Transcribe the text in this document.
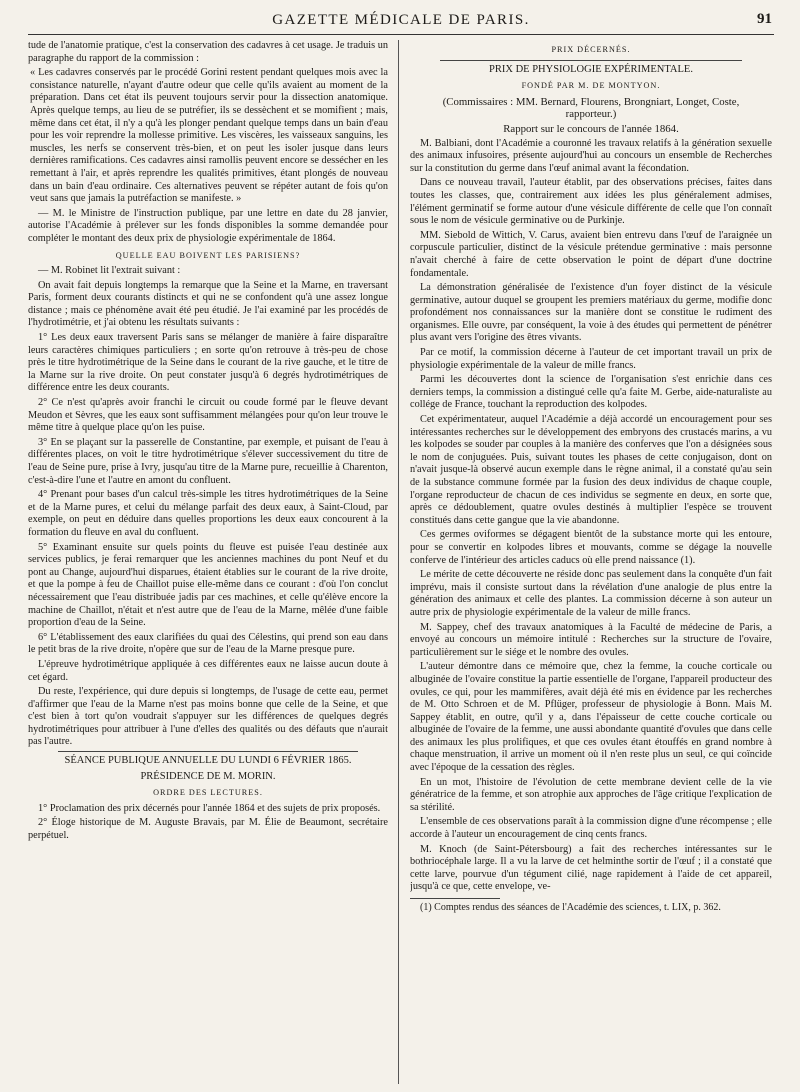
GAZETTE MÉDICALE DE PARIS.	91

tude de l'anatomie pratique, c'est la conservation des cadavres à cet usage. Je traduis un paragraphe du rapport de la commission :

« Les cadavres conservés par le procédé Gorini restent pendant quelques mois avec la consistance naturelle, n'ayant d'autre odeur que celle qu'ils avaient au moment de la préparation. Dans cet état ils peuvent toujours servir pour la dissection anatomique. Après quelque temps, au lieu de se putréfier, ils se dessèchent et se momifient ; mais, même dans cet état, il n'y a qu'à les plonger pendant quelque temps dans un bain d'eau pour les voir reprendre la mollesse primitive. Les viscères, les vaisseaux sanguins, les muscles, les nerfs se conservent très-bien, et on peut les isoler jusque dans leurs dernières ramifications. Ces cadavres ainsi ramollis peuvent encore se dessécher en les remettant à l'air, et après reprendre les qualités primitives, étant plongés de nouveau dans un bain d'eau ordinaire. Ces alternatives peuvent se répéter autant de fois qu'on veut sans que jamais la putréfaction se manifeste. »

— M. le Ministre de l'instruction publique, par une lettre en date du 28 janvier, autorise l'Académie à prélever sur les fonds disponibles la somme demandée pour compléter le montant des deux prix de physiologie expérimentale de 1864.

QUELLE EAU BOIVENT LES PARISIENS?

— M. Robinet lit l'extrait suivant :

On avait fait depuis longtemps la remarque que la Seine et la Marne, en traversant Paris, forment deux courants distincts et qui ne se confondent qu'à une assez longue distance ; mais ce phénomène avait été peu étudié. Je l'ai examiné par les procédés de l'hydrotimétrie, et j'ai obtenu les résultats suivants :

1° Les deux eaux traversent Paris sans se mélanger de manière à faire disparaître leurs caractères chimiques particuliers ; en sorte qu'on retrouve à très-peu de chose près le titre hydrotimétrique de la Seine dans le courant de la rive gauche, et le titre de la Marne sur la rive droite. On peut constater jusqu'à 6 degrés hydrotimétriques de différence entre les deux courants.

2° Ce n'est qu'après avoir franchi le circuit ou coude formé par le fleuve devant Meudon et Sèvres, que les eaux sont suffisamment mélangées pour qu'on leur trouve le même titre à quelque place qu'on les puise.

3° En se plaçant sur la passerelle de Constantine, par exemple, et puisant de l'eau à différentes places, on voit le titre hydrotimétrique s'élever successivement du titre de l'eau de Seine pure, prise à Ivry, jusqu'au titre de la Marne pure, recueillie à Charenton, c'est-à-dire l'une et l'autre en amont du confluent.

4° Prenant pour bases d'un calcul très-simple les titres hydrotimétriques de la Seine et de la Marne pures, et celui du mélange parfait des deux eaux, à Saint-Cloud, par exemple, on peut en déduire dans quelles proportions les deux eaux concourent à la formation du fleuve en aval du confluent.

5° Examinant ensuite sur quels points du fleuve est puisée l'eau destinée aux services publics, je ferai remarquer que les anciennes machines du pont Neuf et du pont au Change, aujourd'hui disparues, étaient établies sur le courant de la rive droite, et que la pompe à feu de Chaillot puise elle-même dans ce courant : d'où l'on conclut nécessairement que l'eau distribuée jadis par ces machines, et celle qu'élève encore la machine de Chaillot, n'était et n'est autre que de l'eau de la Marne, mêlée d'une faible proportion d'eau de la Seine.

6° L'établissement des eaux clarifiées du quai des Célestins, qui prend son eau dans le petit bras de la rive droite, n'opère que sur de l'eau de la Marne presque pure.

L'épreuve hydrotimétrique appliquée à ces différentes eaux ne laisse aucun doute à cet égard.

Du reste, l'expérience, qui dure depuis si longtemps, de l'usage de cette eau, permet d'affirmer que l'eau de la Marne n'est pas moins bonne que celle de la Seine, et que c'est bien à tort qu'on voudrait s'appuyer sur les différences de quelques degrés hydrotimétriques pour attribuer à l'une d'elles des qualités ou des défauts que n'aurait pas l'autre.

SÉANCE PUBLIQUE ANNUELLE DU LUNDI 6 FÉVRIER 1865.

PRÉSIDENCE DE M. MORIN.

ORDRE DES LECTURES.

1° Proclamation des prix décernés pour l'année 1864 et des sujets de prix proposés.

2° Éloge historique de M. Auguste Bravais, par M. Élie de Beaumont, secrétaire perpétuel.

PRIX DÉCERNÉS.

PRIX DE PHYSIOLOGIE EXPÉRIMENTALE.

FONDÉ PAR M. DE MONTYON.

(Commissaires : MM. Bernard, Flourens, Brongniart, Longet, Coste, rapporteur.)

Rapport sur le concours de l'année 1864.

M. Balbiani, dont l'Académie a couronné les travaux relatifs à la génération sexuelle des animaux infusoires, présente aujourd'hui au concours un ensemble de Recherches sur la constitution du germe dans l'œuf animal avant la fécondation.

Dans ce nouveau travail, l'auteur établit, par des observations précises, faites dans toutes les classes, que, contrairement aux idées les plus généralement admises, l'élément germinatif se forme autour d'une vésicule différente de celle que l'on connaît sous le nom de vésicule germinative ou de Purkinje.

MM. Siebold de Wittich, V. Carus, avaient bien entrevu dans l'œuf de l'araignée un corpuscule particulier, distinct de la vésicule prétendue germinative : mais personne n'avait cherché à faire de cette observation le point de départ d'une doctrine fondamentale.

La démonstration généralisée de l'existence d'un foyer distinct de la vésicule germinative, autour duquel se groupent les premiers matériaux du germe, modifie donc profondément nos connaissances sur la manière dont se constitue le rudiment des organismes. Elle ouvre, par conséquent, la voie à des études qui permettent de pénétrer plus avant vers l'origine des êtres vivants.

Par ce motif, la commission décerne à l'auteur de cet important travail un prix de physiologie expérimentale de la valeur de mille francs.

Parmi les découvertes dont la science de l'organisation s'est enrichie dans ces derniers temps, la commission a distingué celle qu'a faite M. Gerbe, aide-naturaliste au collége de France, touchant la reproduction des kolpodes.

Cet expérimentateur, auquel l'Académie a déjà accordé un encouragement pour ses intéressantes recherches sur le développement des embryons des crustacés marins, a vu les kolpodes se souder par couples à la manière des conferves que l'on a désignées sous le nom de conjuguées. Puis, suivant toutes les phases de cette conjugaison, dont on n'avait jusque-là observé aucun exemple dans le règne animal, il a constaté qu'au sein de la substance commune formée par la fusion des deux individus de chaque couple, l'organe reproducteur de chacun de ces individus se segmente en deux, en sorte que, après ce dédoublement, quatre ovules destinés à multiplier l'espèce se trouvent constitués dans cette gangue que la vie abandonne.

Ces germes oviformes se dégagent bientôt de la substance morte qui les entoure, pour se convertir en kolpodes libres et mouvants, comme se dégage la nouvelle conferve de l'intérieur des articles caducs où elle prend naissance (1).

Le mérite de cette découverte ne réside donc pas seulement dans la conquête d'un fait imprévu, mais il consiste surtout dans la révélation d'une analogie de plus entre la génération des animaux et celle des plantes. La commission décerne à son auteur un autre prix de physiologie expérimentale de la valeur de mille francs.

M. Sappey, chef des travaux anatomiques à la Faculté de médecine de Paris, a envoyé au concours un mémoire intitulé : Recherches sur la structure de l'ovaire, particulièrement sur le siége et le nombre des ovules.

L'auteur démontre dans ce mémoire que, chez la femme, la couche corticale ou albuginée de l'ovaire constitue la partie essentielle de l'organe, l'appareil producteur des ovules, ce qui, pour les mammifères, avait déjà été mis en évidence par les recherches de M. Otto Schroen et de M. Pflüger, professeur de physiologie à Bonn. Mais M. Sappey établit, en outre, qu'il y a, dans l'épaisseur de cette couche corticale ou albuginée de l'ovaire de la femme, une aussi abondante quantité d'ovules que dans celle des animaux les plus prolifiques, et que ces ovules étant étouffés en grand nombre à chaque menstruation, il arrive un moment où il n'en reste plus un seul, ce qui coïncide avec l'époque de la cessation des règles.

En un mot, l'histoire de l'évolution de cette membrane devient celle de la vie génératrice de la femme, et son atrophie aux approches de l'âge critique l'explication de sa stérilité.

L'ensemble de ces observations paraît à la commission digne d'une récompense ; elle accorde à l'auteur un encouragement de cinq cents francs.

M. Knoch (de Saint-Pétersbourg) a fait des recherches intéressantes sur le bothriocéphale large. Il a vu la larve de cet helminthe sortir de l'œuf ; il a constaté que cette larve, pourvue d'un tégument cilié, nage rapidement à l'aide de cet appareil, jusqu'à ce que, cette envelope, ve-

(1) Comptes rendus des séances de l'Académie des sciences, t. LIX, p. 362.
